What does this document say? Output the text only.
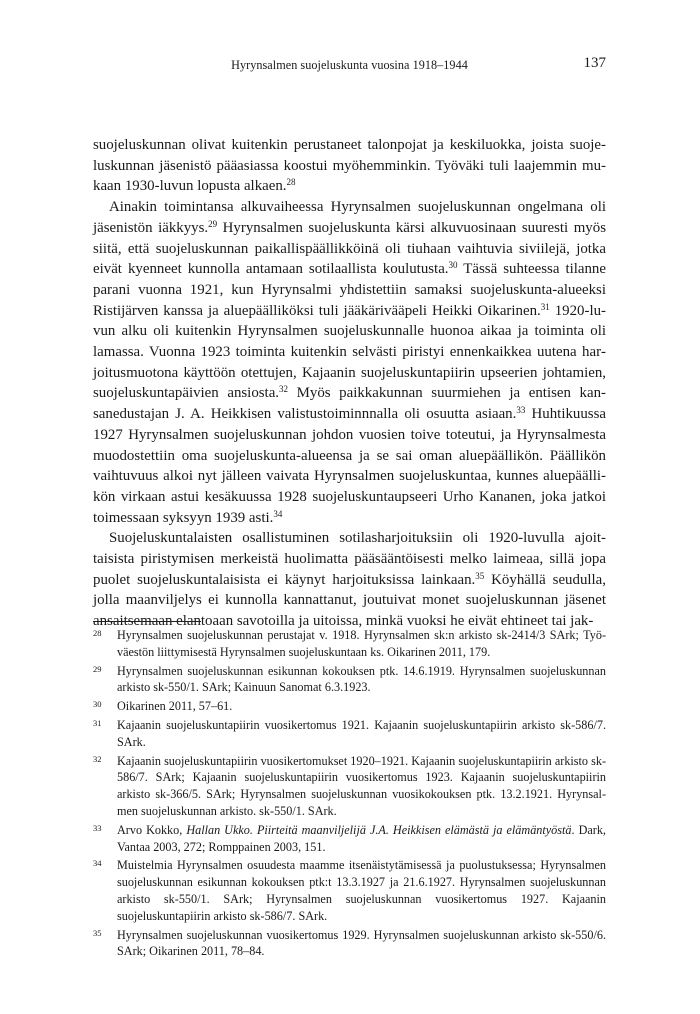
Hyrynsalmen suojeluskunta vuosina 1918–1944	137

suojeluskunnan olivat kuitenkin perustaneet talonpojat ja keskiluokka, joista suojeluskunnan jäsenistö pääasiassa koostui myöhemminkin. Työväki tuli laajemmin mukaan 1930-luvun lopusta alkaen.$^{28}$

Ainakin toimintansa alkuvaiheessa Hyrynsalmen suojeluskunnan ongelmana oli jäsenistön iäkkyys.$^{29}$ Hyrynsalmen suojeluskunta kärsi alkuvuosinaan suuresti myös siitä, että suojeluskunnan paikallispäällikköinä oli tiuhaan vaihtuvia siviilejä, jotka eivät kyenneet kunnolla antamaan sotilaallista koulutusta.$^{30}$ Tässä suhteessa tilanne parani vuonna 1921, kun Hyrynsalmi yhdistettiin samaksi suojeluskunta-alueeksi Ristijärven kanssa ja aluepäälliköksi tuli jääkärivääpeli Heikki Oikarinen.$^{31}$ 1920-luvun alku oli kuitenkin Hyrynsalmen suojeluskunnalle huonoa aikaa ja toiminta oli lamassa. Vuonna 1923 toiminta kuitenkin selvästi piristyi ennenkaikkea uutena harjoitusmuotona käyttöön otettujen, Kajaanin suojeluskuntapiirin upseerien johtamien, suojeluskuntapäivien ansiosta.$^{32}$ Myös paikkakunnan suurmiehen ja entisen kansanedustajan J. A. Heikkisen valistustoiminnnalla oli osuutta asiaan.$^{33}$ Huhtikuussa 1927 Hyrynsalmen suojeluskunnan johdon vuosien toive toteutui, ja Hyrynsalmesta muodostettiin oma suojeluskunta-alueensa ja se sai oman aluepäällikön. Päällikön vaihtuvuus alkoi nyt jälleen vaivata Hyrynsalmen suojeluskuntaa, kunnes aluepäällikön virkaan astui kesäkuussa 1928 suojeluskuntaupseeri Urho Kananen, joka jatkoi toimessaan syksyyn 1939 asti.$^{34}$

Suojeluskuntalaisten osallistuminen sotilasharjoituksiin oli 1920-luvulla ajoittaisista piristymisen merkeistä huolimatta pääsääntöisesti melko laimeaa, sillä jopa puolet suojeluskuntalaisista ei käynyt harjoituksissa lainkaan.$^{35}$ Köyhällä seudulla, jolla maanviljelys ei kunnolla kannattanut, joutuivat monet suojeluskunnan jäsenet ansaitsemaan elantoaan savotoilla ja uitoissa, minkä vuoksi he eivät ehtineet tai jak-

28 Hyrynsalmen suojeluskunnan perustajat v. 1918. Hyrynsalmen sk:n arkisto sk-2414/3 SArk; Työväestön liittymisestä Hyrynsalmen suojeluskuntaan ks. Oikarinen 2011, 179.
29 Hyrynsalmen suojeluskunnan esikunnan kokouksen ptk. 14.6.1919. Hyrynsalmen suojeluskunnan arkisto sk-550/1. SArk; Kainuun Sanomat 6.3.1923.
30 Oikarinen 2011, 57–61.
31 Kajaanin suojeluskuntapiirin vuosikertomus 1921. Kajaanin suojeluskuntapiirin arkisto sk-586/7. SArk.
32 Kajaanin suojeluskuntapiirin vuosikertomukset 1920–1921. Kajaanin suojeluskuntapiirin arkisto sk-586/7. SArk; Kajaanin suojeluskuntapiirin vuosikertomus 1923. Kajaanin suojeluskuntapiirin arkisto sk-366/5. SArk; Hyrynsalmen suojeluskunnan vuosikokouksen ptk. 13.2.1921. Hyrynsalmen suojeluskunnan arkisto. sk-550/1. SArk.
33 Arvo Kokko, Hallan Ukko. Piirteitä maanviljelijä J.A. Heikkisen elämästä ja elämäntyöstä. Dark, Vantaa 2003, 272; Romppainen 2003, 151.
34 Muistelmia Hyrynsalmen osuudesta maamme itsenäistytämisessä ja puolustuksessa; Hyrynsalmen suojeluskunnan esikunnan kokouksen ptk:t 13.3.1927 ja 21.6.1927. Hyrynsalmen suojeluskunnan arkisto sk-550/1. SArk; Hyrynsalmen suojeluskunnan vuosikertomus 1927. Kajaanin suojeluskuntapiirin arkisto sk-586/7. SArk.
35 Hyrynsalmen suojeluskunnan vuosikertomus 1929. Hyrynsalmen suojeluskunnan arkisto sk-550/6. SArk; Oikarinen 2011, 78–84.
